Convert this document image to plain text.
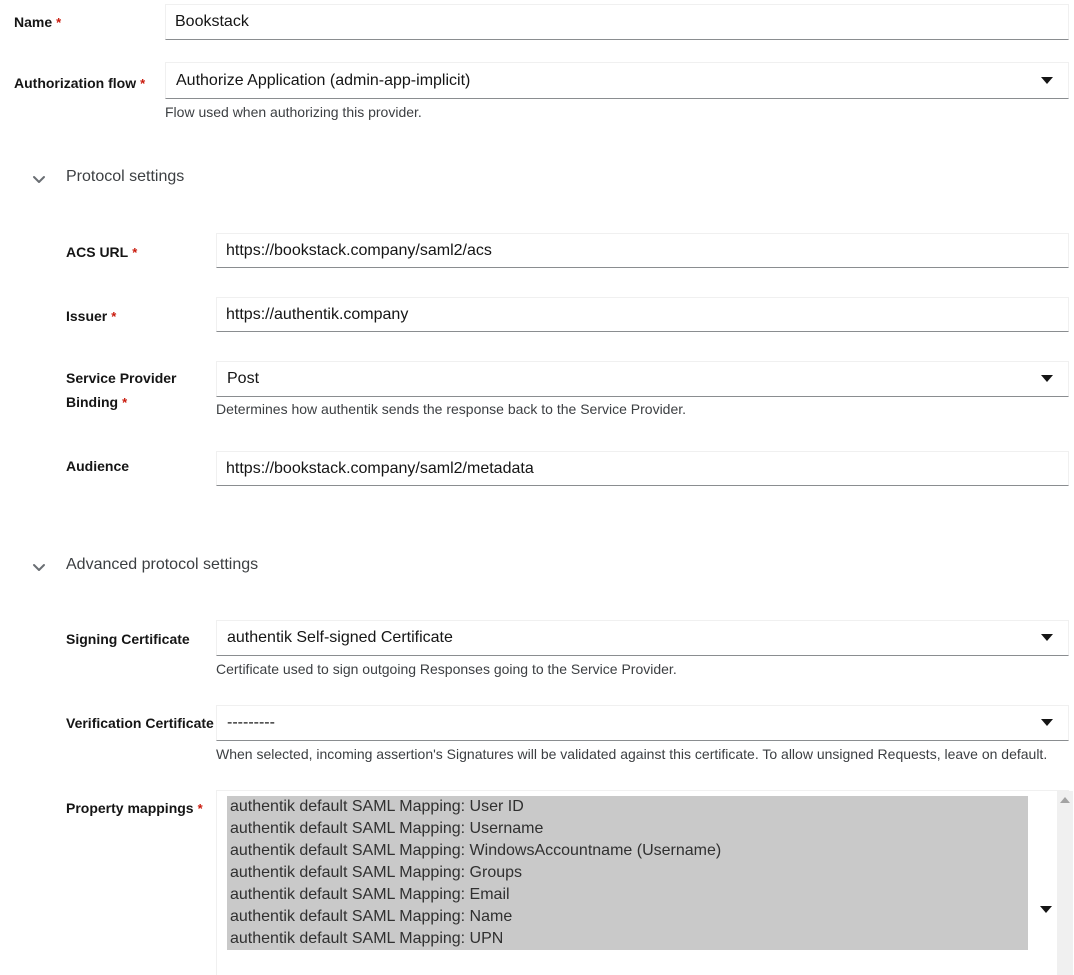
Name *
Bookstack
Authorization flow *	Authorize Application (admin-app-implicit)
Flow used when authorizing this provider.
Protocol settings
ACS URL *
https://bookstack.company/saml2/acs
Issuer *
https://authentik.company
Service Provider Binding *
Post
Determines how authentik sends the response back to the Service Provider.
Audience
https://bookstack.company/saml2/metadata
Advanced protocol settings
Signing Certificate	authentik Self-signed Certificate
Certificate used to sign outgoing Responses going to the Service Provider.
Verification Certificate ---------
When selected, incoming assertion's Signatures will be validated against this certificate. To allow unsigned Requests, leave on default.
Property mappings *	authentik default SAML Mapping: User ID
authentik default SAML Mapping: Username
authentik default SAML Mapping: WindowsAccountname (Username)
authentik default SAML Mapping: Groups
authentik default SAML Mapping: Email
authentik default SAML Mapping: Name
authentik default SAML Mapping: UPN
